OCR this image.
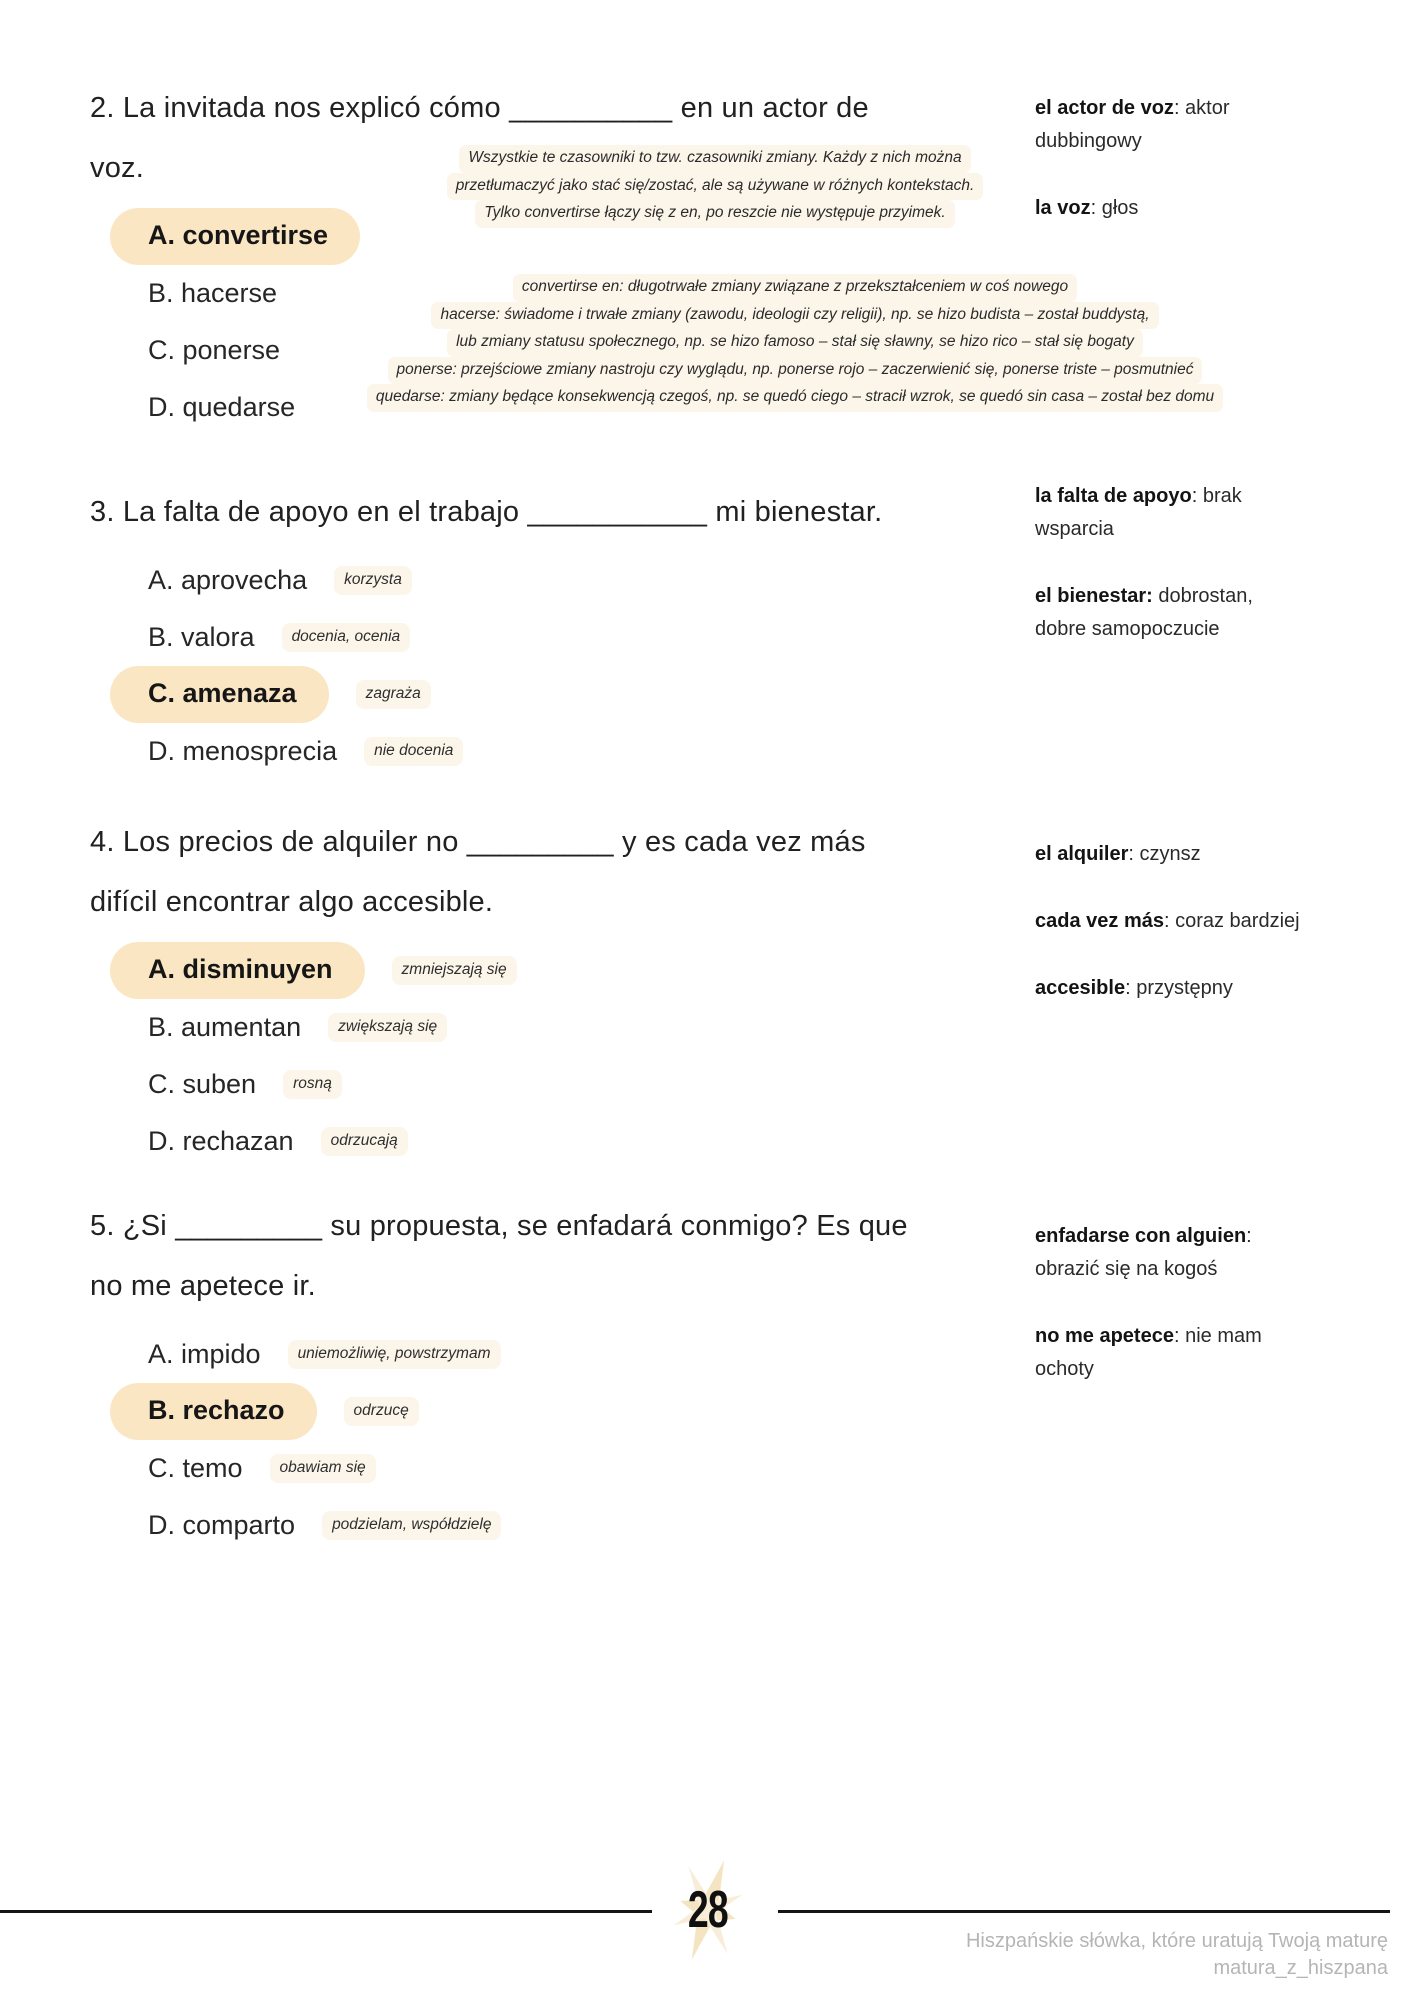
2. La invitada nos explicó cómo __________ en un actor de
voz.
A. convertirse
B. hacerse
C. ponerse
D. quedarse
Wszystkie te czasowniki to tzw. czasowniki zmiany. Każdy z nich można
przetłumaczyć jako stać się/zostać, ale są używane w różnych kontekstach.
Tylko convertirse łączy się z en, po reszcie nie występuje przyimek.
convertirse en: długotrwałe zmiany związane z przekształceniem w coś nowego
hacerse: świadome i trwałe zmiany (zawodu, ideologii czy religii), np. se hizo budista – został buddystą,
lub zmiany statusu społecznego, np. se hizo famoso – stał się sławny, se hizo rico – stał się bogaty
ponerse: przejściowe zmiany nastroju czy wyglądu, np. ponerse rojo – zaczerwienić się, ponerse triste – posmutnieć
quedarse: zmiany będące konsekwencją czegoś, np. se quedó ciego – stracił wzrok, se quedó sin casa – został bez domu
3. La falta de apoyo en el trabajo ___________ mi bienestar.
A. aprovecha	korzysta
B. valora	docenia, ocenia
C. amenaza	zagraża
D. menosprecia	nie docenia
4. Los precios de alquiler no _________ y es cada vez más
difícil encontrar algo accesible.
A. disminuyen	zmniejszają się
B. aumentan	zwiększają się
C. suben	rosną
D. rechazan	odrzucają
5. ¿Si _________ su propuesta, se enfadará conmigo? Es que
no me apetece ir.
A. impido	uniemożliwię, powstrzymam
B. rechazo	odrzucę
C. temo	obawiam się
D. comparto	podzielam, współdzielę
el actor de voz: aktor dubbingowy
la voz: głos
la falta de apoyo: brak wsparcia
el bienestar: dobrostan, dobre samopoczucie
el alquiler: czynsz
cada vez más: coraz bardziej
accesible: przystępny
enfadarse con alguien: obrazić się na kogoś
no me apetece: nie mam ochoty
28
Hiszpańskie słówka, które uratują Twoją maturę
matura_z_hiszpana
